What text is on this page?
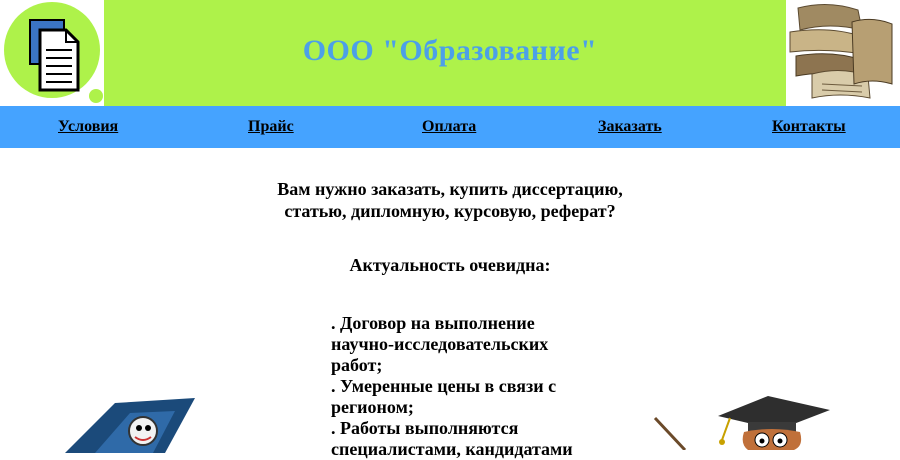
ООО "Образование"
Условия	Прайс	Оплата	Заказать	Контакты
Вам нужно заказать, купить диссертацию,
статью, дипломную, курсовую, реферат?
Актуальность очевидна:
. Договор на выполнение научно-исследовательских работ;
. Умеренные цены в связи с регионом;
. Работы выполняются специалистами, кандидатами
